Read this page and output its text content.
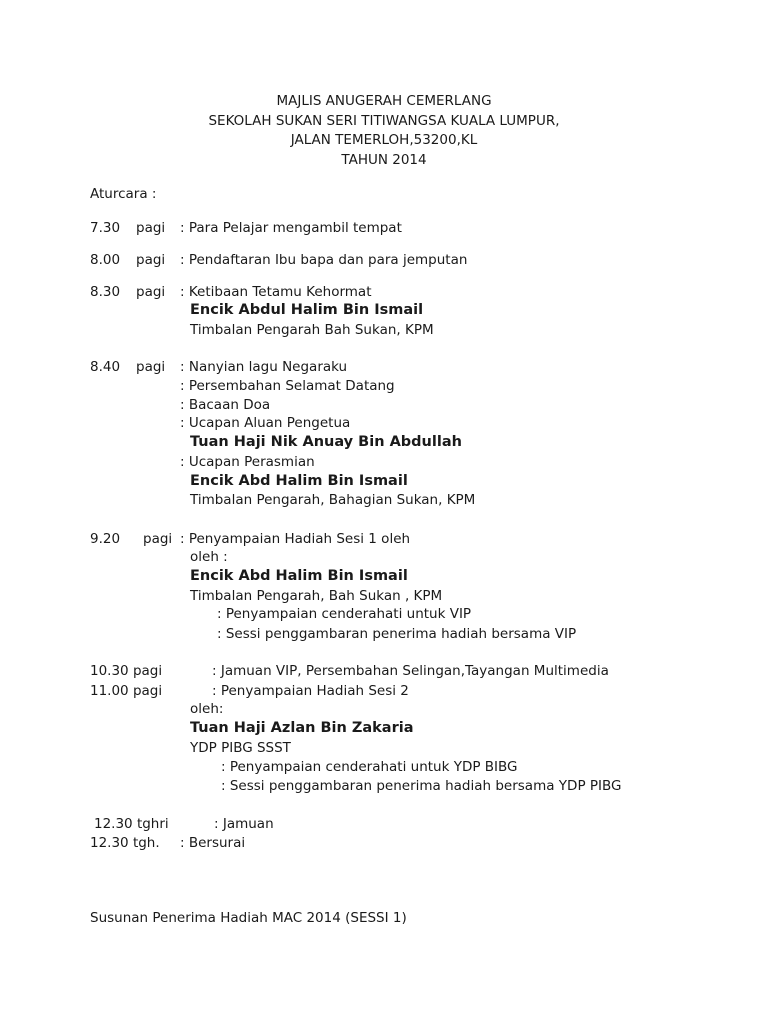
MAJLIS ANUGERAH CEMERLANG
SEKOLAH SUKAN SERI TITIWANGSA KUALA LUMPUR,
JALAN TEMERLOH,53200,KL
TAHUN 2014
Aturcara :
7.30 pagi : Para Pelajar mengambil tempat
8.00 pagi : Pendaftaran Ibu bapa dan para jemputan
8.30 pagi : Ketibaan Tetamu Kehormat
Encik Abdul Halim Bin Ismail
Timbalan Pengarah Bah Sukan, KPM
8.40 pagi : Nanyian lagu Negaraku
: Persembahan Selamat Datang
: Bacaan Doa
: Ucapan Aluan Pengetua
Tuan Haji Nik Anuay Bin Abdullah
: Ucapan Perasmian
Encik Abd Halim Bin Ismail
Timbalan Pengarah, Bahagian Sukan, KPM
9.20 pagi : Penyampaian Hadiah Sesi 1 oleh
oleh :
Encik Abd Halim Bin Ismail
Timbalan Pengarah, Bah Sukan , KPM
: Penyampaian cenderahati untuk VIP
: Sessi penggambaran penerima hadiah bersama VIP
10.30 pagi	: Jamuan VIP, Persembahan Selingan,Tayangan Multimedia
11.00 pagi	: Penyampaian Hadiah Sesi 2
oleh:
Tuan Haji Azlan Bin Zakaria
YDP PIBG SSST
: Penyampaian cenderahati untuk YDP BIBG
: Sessi penggambaran penerima hadiah bersama YDP PIBG
12.30 tghri	: Jamuan
12.30 tgh. : Bersurai
Susunan Penerima Hadiah MAC 2014 (SESSI 1)
